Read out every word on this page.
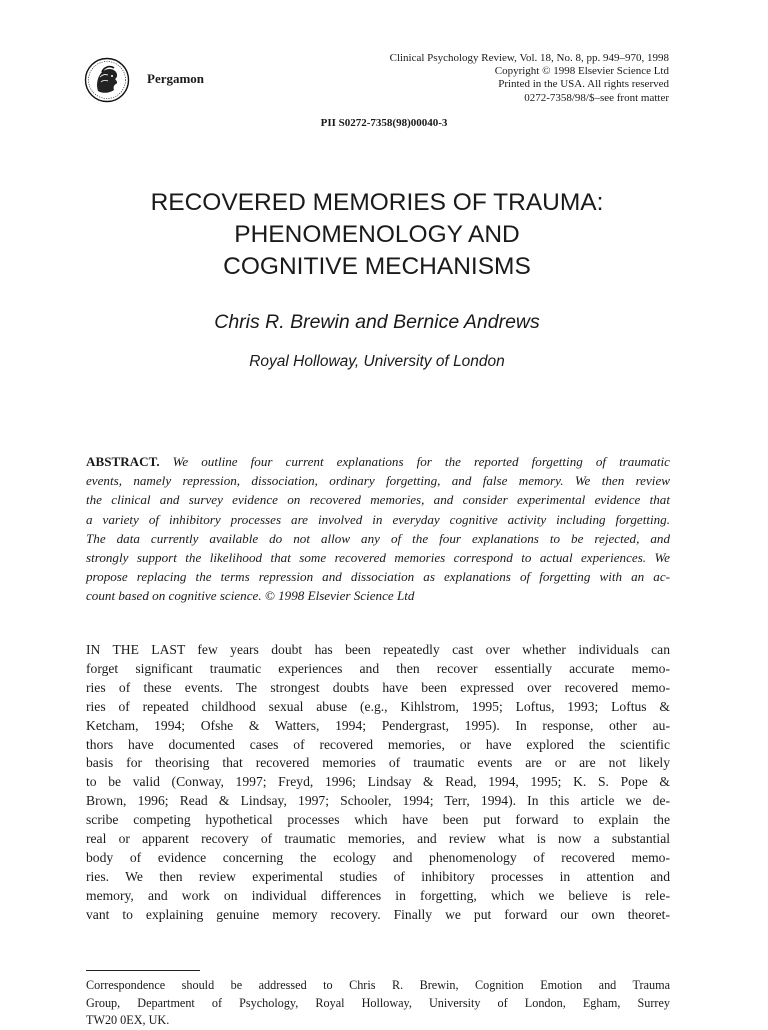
Pergamon
Clinical Psychology Review, Vol. 18, No. 8, pp. 949–970, 1998
Copyright © 1998 Elsevier Science Ltd
Printed in the USA. All rights reserved
0272-7358/98/$–see front matter
PII S0272-7358(98)00040-3
RECOVERED MEMORIES OF TRAUMA:
PHENOMENOLOGY AND
COGNITIVE MECHANISMS
Chris R. Brewin and Bernice Andrews
Royal Holloway, University of London
ABSTRACT. We outline four current explanations for the reported forgetting of traumatic
events, namely repression, dissociation, ordinary forgetting, and false memory. We then review
the clinical and survey evidence on recovered memories, and consider experimental evidence that
a variety of inhibitory processes are involved in everyday cognitive activity including forgetting.
The data currently available do not allow any of the four explanations to be rejected, and
strongly support the likelihood that some recovered memories correspond to actual experiences. We
propose replacing the terms repression and dissociation as explanations of forgetting with an ac-
count based on cognitive science. © 1998 Elsevier Science Ltd
IN THE LAST few years doubt has been repeatedly cast over whether individuals can
forget significant traumatic experiences and then recover essentially accurate memo-
ries of these events. The strongest doubts have been expressed over recovered memo-
ries of repeated childhood sexual abuse (e.g., Kihlstrom, 1995; Loftus, 1993; Loftus &
Ketcham, 1994; Ofshe & Watters, 1994; Pendergrast, 1995). In response, other au-
thors have documented cases of recovered memories, or have explored the scientific
basis for theorising that recovered memories of traumatic events are or are not likely
to be valid (Conway, 1997; Freyd, 1996; Lindsay & Read, 1994, 1995; K. S. Pope &
Brown, 1996; Read & Lindsay, 1997; Schooler, 1994; Terr, 1994). In this article we de-
scribe competing hypothetical processes which have been put forward to explain the
real or apparent recovery of traumatic memories, and review what is now a substantial
body of evidence concerning the ecology and phenomenology of recovered memo-
ries. We then review experimental studies of inhibitory processes in attention and
memory, and work on individual differences in forgetting, which we believe is rele-
vant to explaining genuine memory recovery. Finally we put forward our own theoret-
Correspondence should be addressed to Chris R. Brewin, Cognition Emotion and Trauma
Group, Department of Psychology, Royal Holloway, University of London, Egham, Surrey
TW20 0EX, UK.
